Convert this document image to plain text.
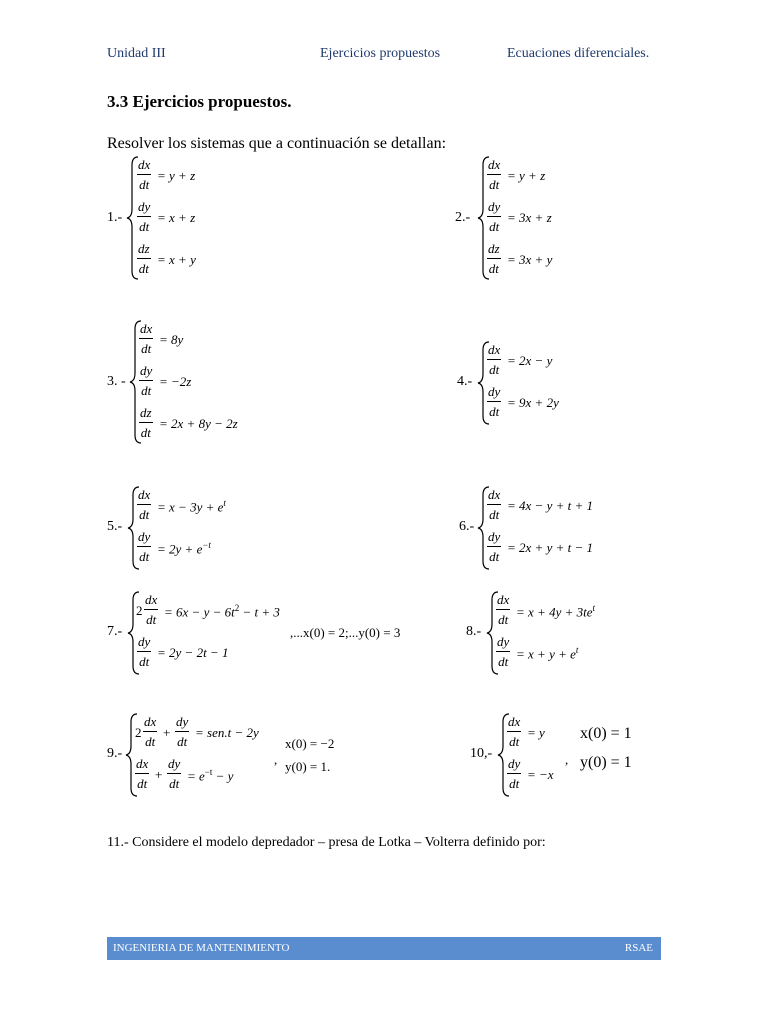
Unidad III	Ejercicios propuestos	Ecuaciones diferenciales.
3.3 Ejercicios propuestos.
Resolver los sistemas que a continuación se detallan:
1.-
dx
dt
= y + z
dy
dt
= x + z
dz
dt
= x + y
2.-
dx
dt
= y + z
dy
dt
= 3x + z
dz
dt
= 3x + y
3. -
dx
dt
= 8y
dy
dt
= −2z
dz
dt
= 2x + 8y − 2z
4.-
dx
dt
= 2x − y
dy
dt
= 9x + 2y
5.-
dx
dt
= $x - 3y + e^t$
dy
dt
= $2y + e^{-t}$
6.-
dx
dt
= 4x − y + t + 1
dy
dt
= 2x + y + t − 1
7.-
2
dx
dt
= $6x - y - 6t^2 - t + 3$
dy
dt
= 2y − 2t − 1
,...x(0) = 2;...y(0) = 3	8.-
dx
dt
= $x + 4y + 3te^t$
dy
dt
= $x + y + e^t$
9.-
2
dx
dt
+
dy
dt
= sen.t − 2y
dx
dt
+
dy
dt
= $e^{-t} - y$
,
x(0) = −2
y(0) = 1.
10,-
dx
dt
= y
dy
dt
= −x
,
x(0) = 1
y(0) = 1
11.- Considere el modelo depredador – presa de Lotka – Volterra definido por:
INGENIERIA DE MANTENIMIENTO	RSAE
